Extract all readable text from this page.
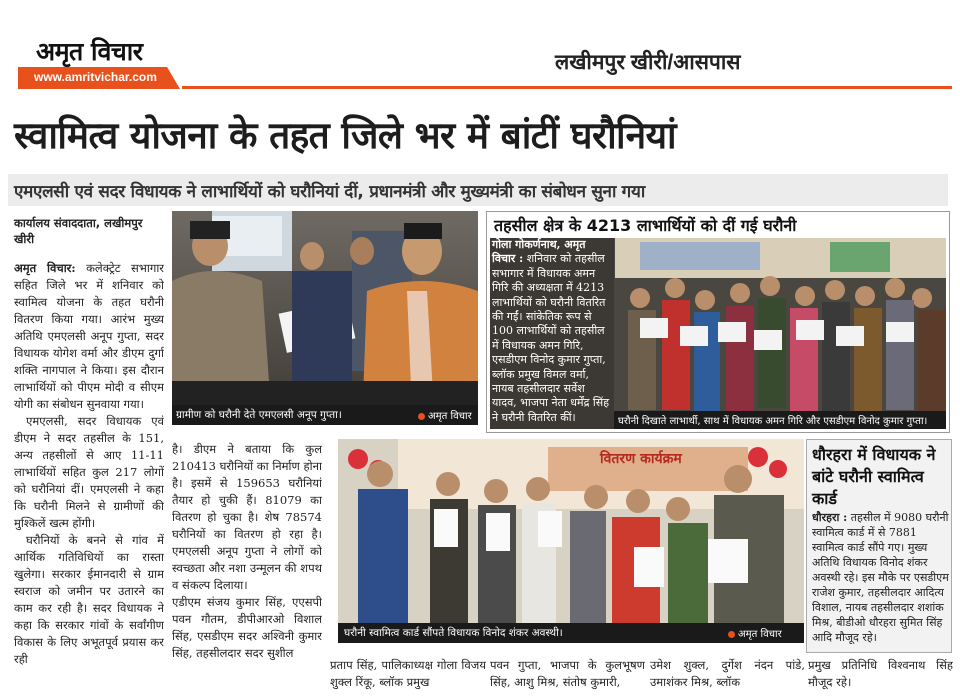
अमृत विचार
www.amritvichar.com
लखीमपुर खीरी/आसपास
स्वामित्व योजना के तहत जिले भर में बांटीं घरौनियां
एमएलसी एवं सदर विधायक ने लाभार्थियों को घरौनियां दीं, प्रधानमंत्री और मुख्यमंत्री का संबोधन सुना गया
कार्यालय संवाददाता, लखीमपुर खीरी

अमृत विचार: कलेक्ट्रेट सभागार सहित जिले भर में शनिवार को स्वामित्व योजना के तहत घरौनी वितरण किया गया। आरंभ मुख्य अतिथि एमएलसी अनूप गुप्ता, सदर विधायक योगेश वर्मा और डीएम दुर्गा शक्ति नागपाल ने किया। इस दौरान लाभार्थियों को पीएम मोदी व सीएम योगी का संबोधन सुनवाया गया।

एमएलसी, सदर विधायक एवं डीएम ने सदर तहसील के 151, अन्य तहसीलों से आए 11-11 लाभार्थियों सहित कुल 217 लोगों को घरौनियां दीं। एमएलसी ने कहा कि घरौनी मिलने से ग्रामीणों की मुश्किलें खत्म होंगी।

घरौनियों के बनने से गांव में आर्थिक गतिविधियों का रास्ता खुलेगा। सरकार ईमानदारी से ग्राम स्वराज को जमीन पर उतारने का काम कर रही है। सदर विधायक ने कहा कि सरकार गांवों के सर्वांगीण विकास के लिए अभूतपूर्व प्रयास कर रही

ग्रामीण को घरौनी देते एमएलसी अनूप गुप्ता।	अमृत विचार
है। डीएम ने बताया कि कुल 210413 घरौनियों का निर्माण होना है। इसमें से 159653 घरौनियां तैयार हो चुकी हैं। 81079 का वितरण हो चुका है। शेष 78574 घरौनियों का वितरण हो रहा है। एमएलसी अनूप गुप्ता ने लोगों को स्वच्छता और नशा उन्मूलन की शपथ व संकल्प दिलाया।
एडीएम संजय कुमार सिंह, एएसपी पवन गौतम, डीपीआरओ विशाल सिंह, एसडीएम सदर अश्विनी कुमार सिंह, तहसीलदार सदर सुशील
तहसील क्षेत्र के 4213 लाभार्थियों को दीं गई घरौनी
घरौनी दिखाते लाभार्थी, साथ में विधायक अमन गिरि और एसडीएम विनोद कुमार गुप्ता।
गोला गोकर्णनाथ, अमृत विचार : शनिवार को तहसील सभागार में विधायक अमन गिरि की अध्यक्षता में 4213 लाभार्थियों को घरौनी वितरित की गईं। सांकेतिक रूप से 100 लाभार्थियों को तहसील में विधायक अमन गिरि, एसडीएम विनोद कुमार गुप्ता, ब्लॉक प्रमुख विमल वर्मा, नायब तहसीलदार सर्वेश यादव, भाजपा नेता धर्मेंद्र सिंह ने घरौनी वितरित कीं।
वितरण कार्यक्रम
घरौनी स्वामित्व कार्ड सौंपते विधायक विनोद शंकर अवस्थी।	अमृत विचार
धौरहरा में विधायक ने बांटे घरौनी स्वामित्व कार्ड
धौरहरा : तहसील में 9080 घरौनी स्वामित्व कार्ड में से 7881 स्वामित्व कार्ड सौंपे गए। मुख्य अतिथि विधायक विनोद शंकर अवस्थी रहे। इस मौके पर एसडीएम राजेश कुमार, तहसीलदार आदित्य विशाल, नायब तहसीलदार शशांक मिश्र, बीडीओ धौरहरा सुमित सिंह आदि मौजूद रहे।
प्रताप सिंह, पालिकाध्यक्ष गोला विजय शुक्ल रिंकू, ब्लॉक प्रमुख
पवन गुप्ता, भाजपा के कुलभूषण सिंह, आशु मिश्र, संतोष कुमारी,
उमेश शुक्ल, दुर्गेश नंदन पांडे, उमाशंकर मिश्र, ब्लॉक
प्रमुख प्रतिनिधि विश्वनाथ सिंह मौजूद रहे।
